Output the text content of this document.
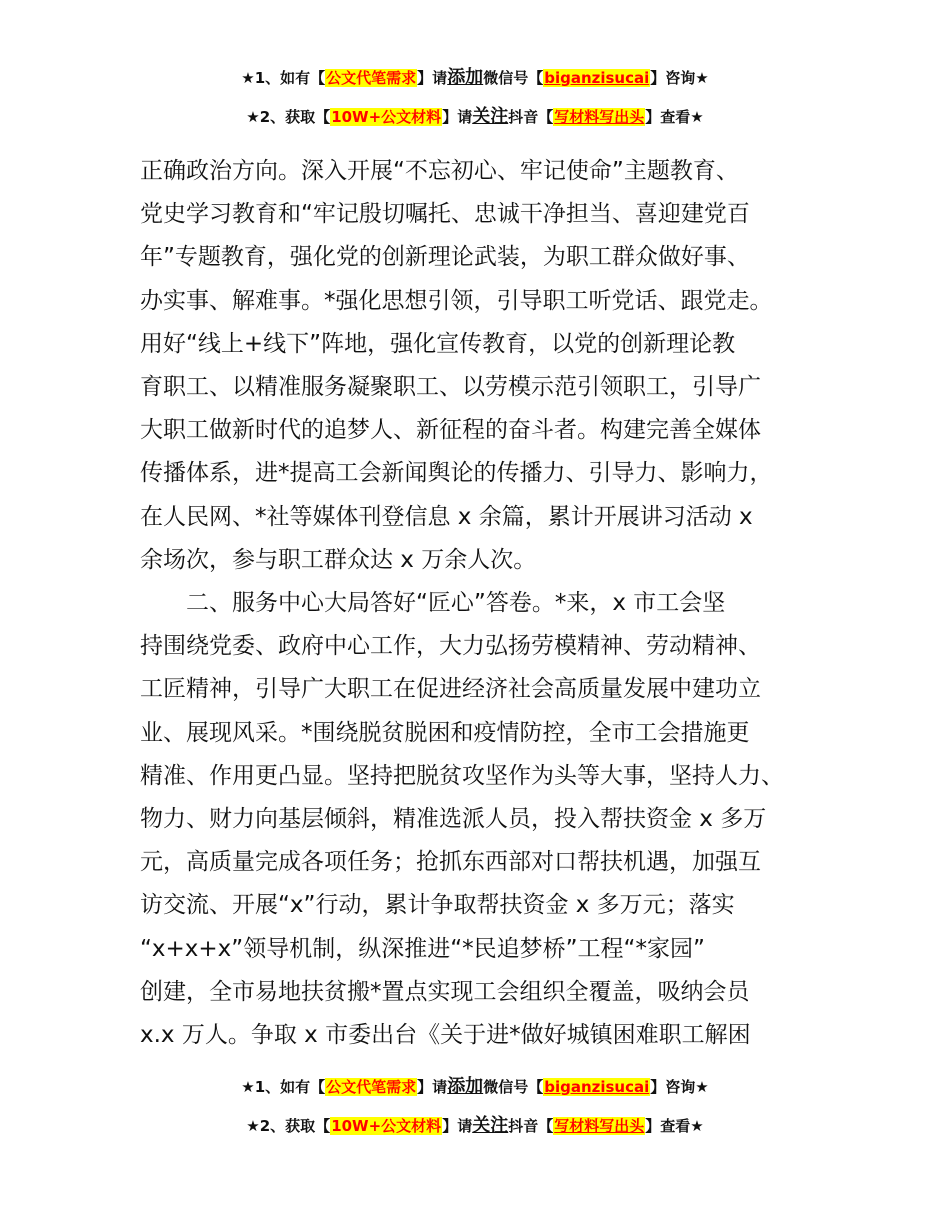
★1、如有【公文代笔需求】请添加微信号【biganzisucai】咨询★
★2、获取【10W+公文材料】请关注抖音【写材料写出头】查看★

正确政治方向。深入开展“不忘初心、牢记使命”主题教育、

党史学习教育和“牢记殷切嘱托、忠诚干净担当、喜迎建党百

年”专题教育，强化党的创新理论武装，为职工群众做好事、

办实事、解难事。*强化思想引领，引导职工听党话、跟党走。

用好“线上+线下”阵地，强化宣传教育，以党的创新理论教

育职工、以精准服务凝聚职工、以劳模示范引领职工，引导广

大职工做新时代的追梦人、新征程的奋斗者。构建完善全媒体

传播体系，进*提高工会新闻舆论的传播力、引导力、影响力，

在人民网、*社等媒体刊登信息 x 余篇，累计开展讲习活动 x

余场次，参与职工群众达 x 万余人次。

二、服务中心大局答好“匠心”答卷。*来，x 市工会坚

持围绕党委、政府中心工作，大力弘扬劳模精神、劳动精神、

工匠精神，引导广大职工在促进经济社会高质量发展中建功立

业、展现风采。*围绕脱贫脱困和疫情防控，全市工会措施更

精准、作用更凸显。坚持把脱贫攻坚作为头等大事，坚持人力、

物力、财力向基层倾斜，精准选派人员，投入帮扶资金 x 多万

元，高质量完成各项任务；抢抓东西部对口帮扶机遇，加强互

访交流、开展“x”行动，累计争取帮扶资金 x 多万元；落实

“x+x+x”领导机制，纵深推进“*民追梦桥”工程“*家园”

创建，全市易地扶贫搬*置点实现工会组织全覆盖，吸纳会员

x.x 万人。争取 x 市委出台《关于进*做好城镇困难职工解困

★1、如有【公文代笔需求】请添加微信号【biganzisucai】咨询★
★2、获取【10W+公文材料】请关注抖音【写材料写出头】查看★
